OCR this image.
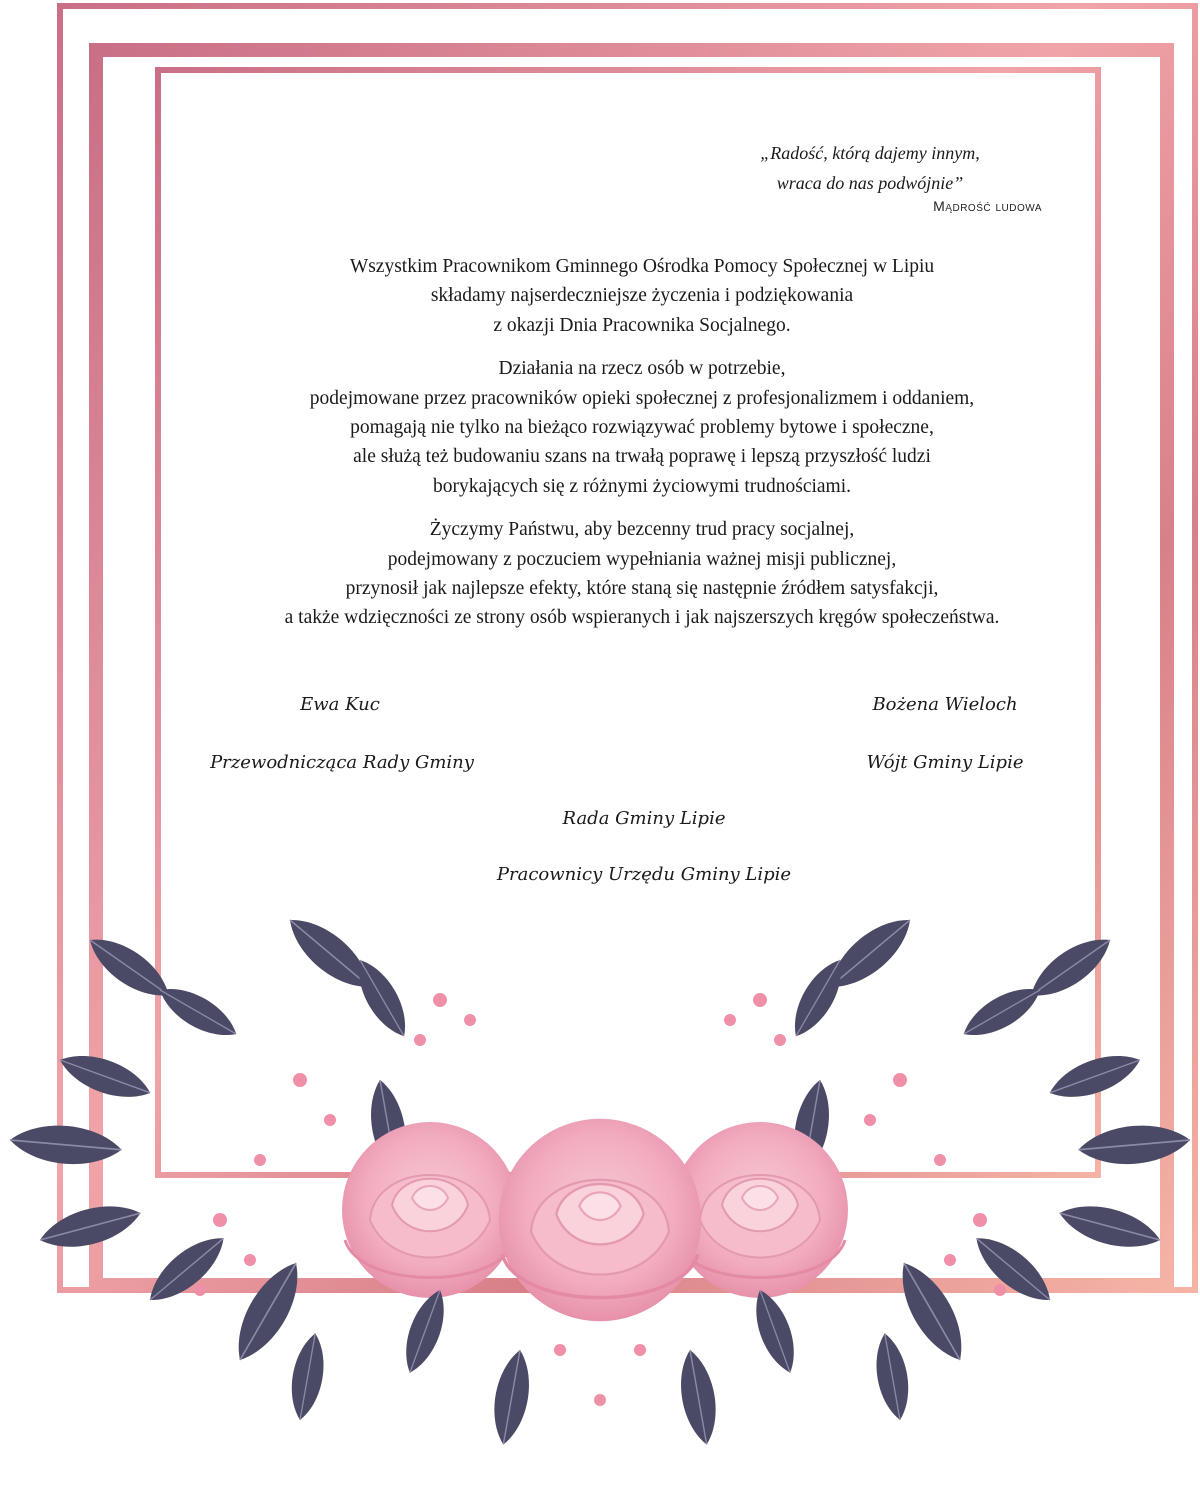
„Radość, którą dajemy innym,
wraca do nas podwójnie”
Mądrość ludowa

Wszystkim Pracownikom Gminnego Ośrodka Pomocy Społecznej w Lipiu
składamy najserdeczniejsze życzenia i podziękowania
z okazji Dnia Pracownika Socjalnego.

Działania na rzecz osób w potrzebie,
podejmowane przez pracowników opieki społecznej z profesjonalizmem i oddaniem,
pomagają nie tylko na bieżąco rozwiązywać problemy bytowe i społeczne,
ale służą też budowaniu szans na trwałą poprawę i lepszą przyszłość ludzi
borykających się z różnymi życiowymi trudnościami.

Życzymy Państwu, aby bezcenny trud pracy socjalnej,
podejmowany z poczuciem wypełniania ważnej misji publicznej,
przynosił jak najlepsze efekty, które staną się następnie źródłem satysfakcji,
a także wdzięczności ze strony osób wspieranych i jak najszerszych kręgów społeczeństwa.

Ewa Kuc
Przewodnicząca Rady Gminy
Bożena Wieloch
Wójt Gminy Lipie
Rada Gminy Lipie
Pracownicy Urzędu Gminy Lipie
